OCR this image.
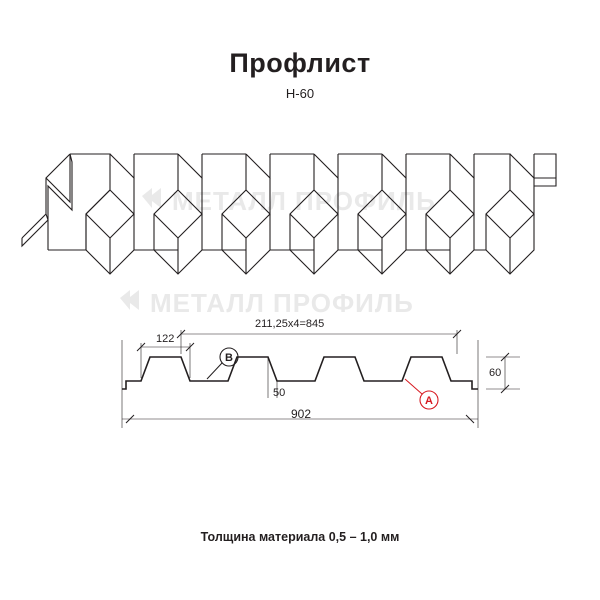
Профлист
Н-60
МЕТАЛЛ ПРОФИЛЬ
МЕТАЛЛ ПРОФИЛЬ
B
A
211,25x4=845
122
50
60
902
Толщина материала 0,5 – 1,0 мм
